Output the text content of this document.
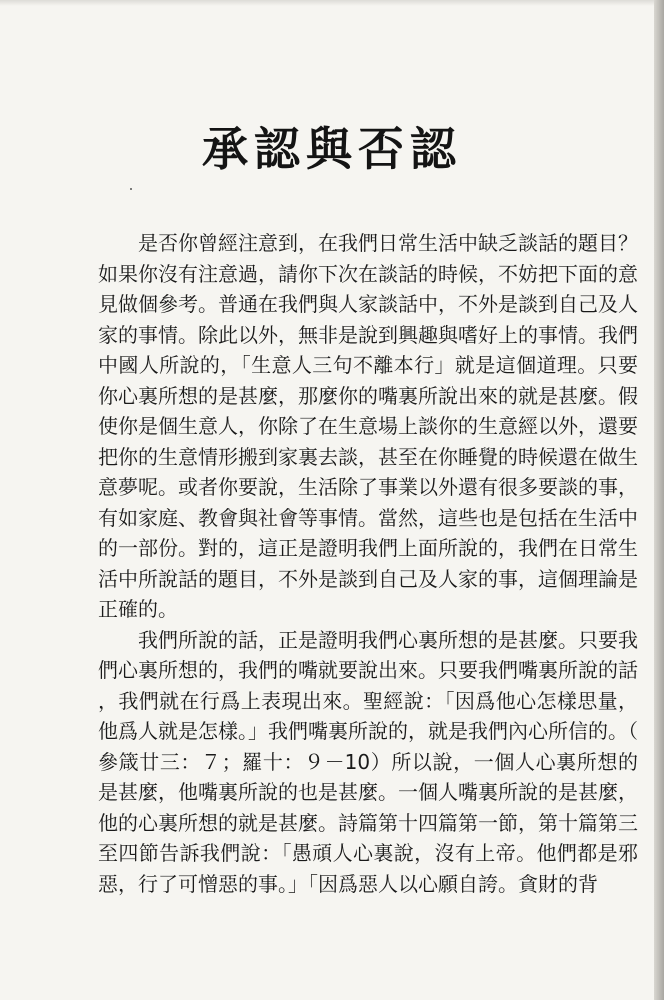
承認與否認

是否你曾經注意到，在我們日常生活中缺乏談話的題目？如果你沒有注意過，請你下次在談話的時候，不妨把下面的意見做個參考。普通在我們與人家談話中，不外是談到自己及人家的事情。除此以外，無非是說到興趣與嗜好上的事情。我們中國人所說的，「生意人三句不離本行」就是這個道理。只要你心裏所想的是甚麼，那麼你的嘴裏所說出來的就是甚麼。假使你是個生意人，你除了在生意場上談你的生意經以外，還要把你的生意情形搬到家裏去談，甚至在你睡覺的時候還在做生意夢呢。或者你要說，生活除了事業以外還有很多要談的事，有如家庭、教會與社會等事情。當然，這些也是包括在生活中的一部份。對的，這正是證明我們上面所說的，我們在日常生活中所說話的題目，不外是談到自己及人家的事，這個理論是正確的。

我們所說的話，正是證明我們心裏所想的是甚麼。只要我們心裏所想的，我們的嘴就要說出來。只要我們嘴裏所說的話，我們就在行爲上表現出來。聖經說：「因爲他心怎樣思量，他爲人就是怎樣。」我們嘴裏所說的，就是我們內心所信的。（參箴廿三：７；羅十：９－10）所以說，一個人心裏所想的是甚麼，他嘴裏所說的也是甚麼。一個人嘴裏所說的是甚麼，他的心裏所想的就是甚麼。詩篇第十四篇第一節，第十篇第三至四節告訴我們說：「愚頑人心裏說，沒有上帝。他們都是邪惡，行了可憎惡的事。」「因爲惡人以心願自誇。貪財的背
